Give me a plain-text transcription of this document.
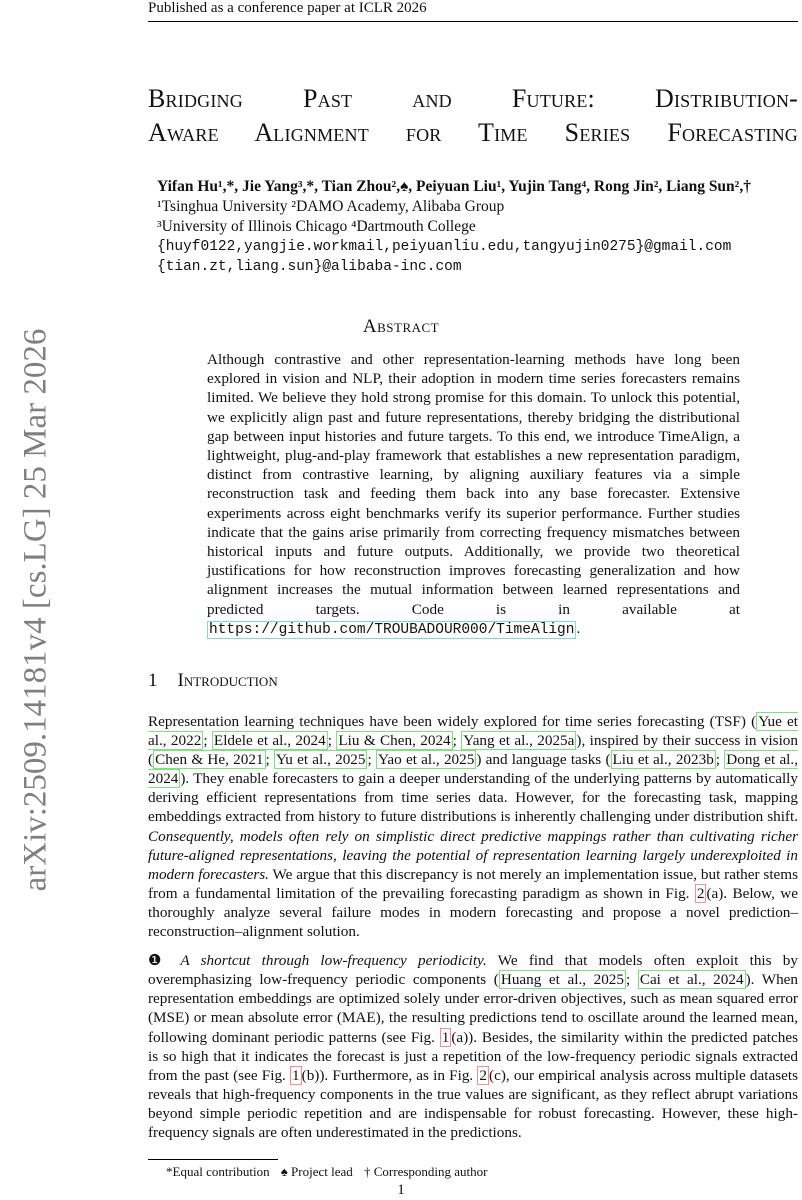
Published as a conference paper at ICLR 2026
arXiv:2509.14181v4 [cs.LG] 25 Mar 2026
Bridging Past and Future: Distribution-
Aware Alignment for Time Series Forecasting
Yifan Hu¹,*, Jie Yang³,*, Tian Zhou²,♠, Peiyuan Liu¹, Yujin Tang⁴, Rong Jin², Liang Sun²,†
¹Tsinghua University ²DAMO Academy, Alibaba Group
³University of Illinois Chicago ⁴Dartmouth College
{huyf0122,yangjie.workmail,peiyuanliu.edu,tangyujin0275}@gmail.com
{tian.zt,liang.sun}@alibaba-inc.com
Abstract
Although contrastive and other representation-learning methods have long been explored in vision and NLP, their adoption in modern time series forecasters remains limited. We believe they hold strong promise for this domain. To unlock this potential, we explicitly align past and future representations, thereby bridging the distributional gap between input histories and future targets. To this end, we introduce TimeAlign, a lightweight, plug-and-play framework that establishes a new representation paradigm, distinct from contrastive learning, by aligning auxiliary features via a simple reconstruction task and feeding them back into any base forecaster. Extensive experiments across eight benchmarks verify its superior performance. Further studies indicate that the gains arise primarily from correcting frequency mismatches between historical inputs and future outputs. Additionally, we provide two theoretical justifications for how reconstruction improves forecasting generalization and how alignment increases the mutual information between learned representations and predicted targets. Code is in available at https://github.com/TROUBADOUR000/TimeAlign .
1 Introduction

Representation learning techniques have been widely explored for time series forecasting (TSF) ( Yue et al., 2022 ; Eldele et al., 2024 ; Liu & Chen, 2024 ; Yang et al., 2025a ), inspired by their success in vision ( Chen & He, 2021 ; Yu et al., 2025 ; Yao et al., 2025 ) and language tasks ( Liu et al., 2023b ; Dong et al., 2024 ). They enable forecasters to gain a deeper understanding of the underlying patterns by automatically deriving efficient representations from time series data. However, for the forecasting task, mapping embeddings extracted from history to future distributions is inherently challenging under distribution shift. Consequently, models often rely on simplistic direct predictive mappings rather than cultivating richer future-aligned representations, leaving the potential of representation learning largely underexploited in modern forecasters. We argue that this discrepancy is not merely an implementation issue, but rather stems from a fundamental limitation of the prevailing forecasting paradigm as shown in Fig. 2 (a). Below, we thoroughly analyze several failure modes in modern forecasting and propose a novel prediction–reconstruction–alignment solution.

❶ A shortcut through low-frequency periodicity. We find that models often exploit this by overemphasizing low-frequency periodic components ( Huang et al., 2025 ; Cai et al., 2024 ). When representation embeddings are optimized solely under error-driven objectives, such as mean squared error (MSE) or mean absolute error (MAE), the resulting predictions tend to oscillate around the learned mean, following dominant periodic patterns (see Fig. 1 (a)). Besides, the similarity within the predicted patches is so high that it indicates the forecast is just a repetition of the low-frequency periodic signals extracted from the past (see Fig. 1 (b)). Furthermore, as in Fig. 2 (c), our empirical analysis across multiple datasets reveals that high-frequency components in the true values are significant, as they reflect abrupt variations beyond simple periodic repetition and are indispensable for robust forecasting. However, these high-frequency signals are often underestimated in the predictions.

*Equal contribution ♠ Project lead † Corresponding author
1
